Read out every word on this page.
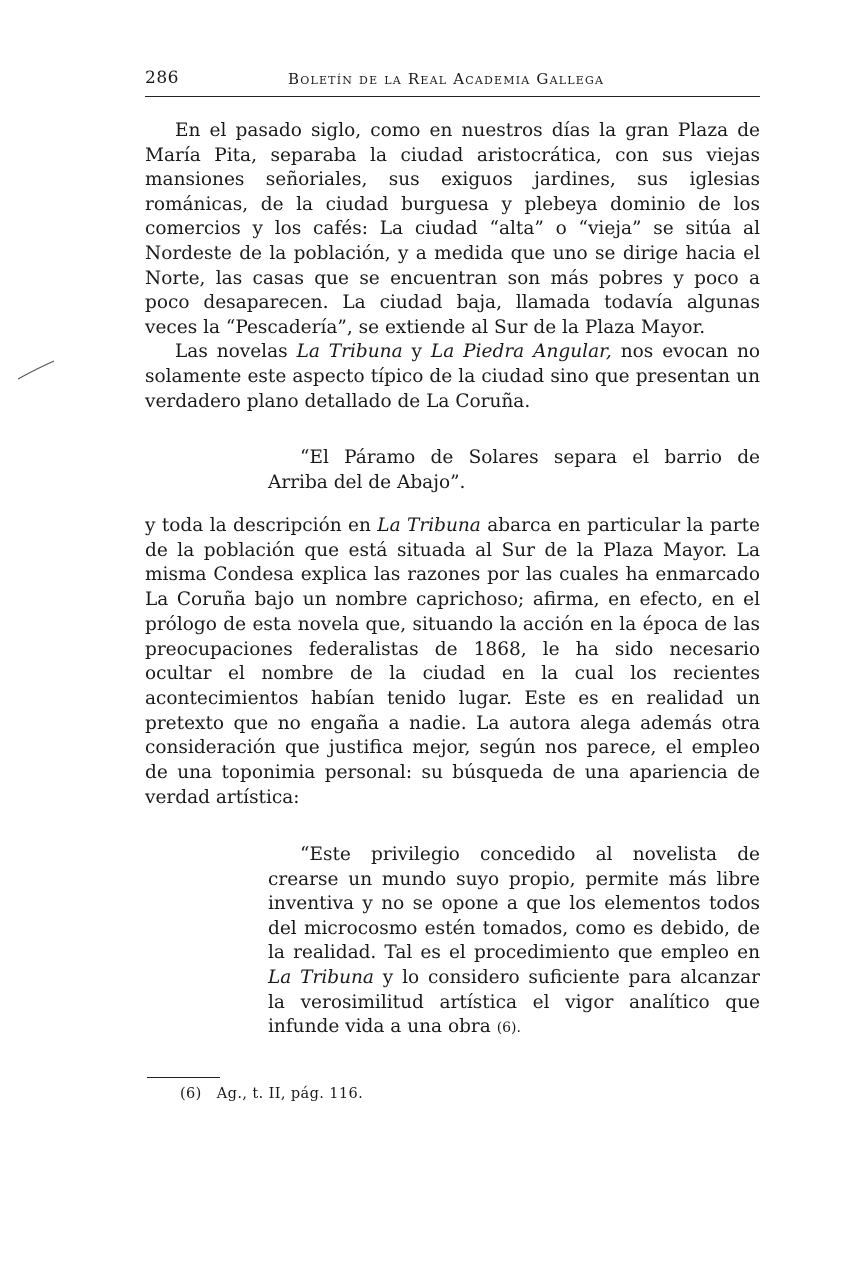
286	Boletín de la Real Academia Gallega

En el pasado siglo, como en nuestros días la gran Plaza de María Pita, separaba la ciudad aristocrática, con sus viejas mansiones señoriales, sus exiguos jardines, sus iglesias románicas, de la ciudad burguesa y plebeya dominio de los comercios y los cafés: La ciudad “alta” o “vieja” se sitúa al Nordeste de la población, y a medida que uno se dirige hacia el Norte, las casas que se encuentran son más pobres y poco a poco desaparecen. La ciudad baja, llamada todavía algunas veces la “Pescadería”, se extiende al Sur de la Plaza Mayor.

Las novelas La Tribuna y La Piedra Angular, nos evocan no solamente este aspecto típico de la ciudad sino que presentan un verdadero plano detallado de La Coruña.

“El Páramo de Solares separa el barrio de Arriba del de Abajo”.

y toda la descripción en La Tribuna abarca en particular la parte de la población que está situada al Sur de la Plaza Mayor. La misma Condesa explica las razones por las cuales ha enmarcado La Coruña bajo un nombre caprichoso; afirma, en efecto, en el prólogo de esta novela que, situando la acción en la época de las preocupaciones federalistas de 1868, le ha sido necesario ocultar el nombre de la ciudad en la cual los recientes acontecimientos habían tenido lugar. Este es en realidad un pretexto que no engaña a nadie. La autora alega además otra consideración que justifica mejor, según nos parece, el empleo de una toponimia personal: su búsqueda de una apariencia de verdad artística:

“Este privilegio concedido al novelista de crearse un mundo suyo propio, permite más libre inventiva y no se opone a que los elementos todos del microcosmo estén tomados, como es debido, de la realidad. Tal es el procedimiento que empleo en La Tribuna y lo considero suficiente para alcanzar la verosimilitud artística el vigor analítico que infunde vida a una obra (6).

(6)   Ag., t. II, pág. 116.
